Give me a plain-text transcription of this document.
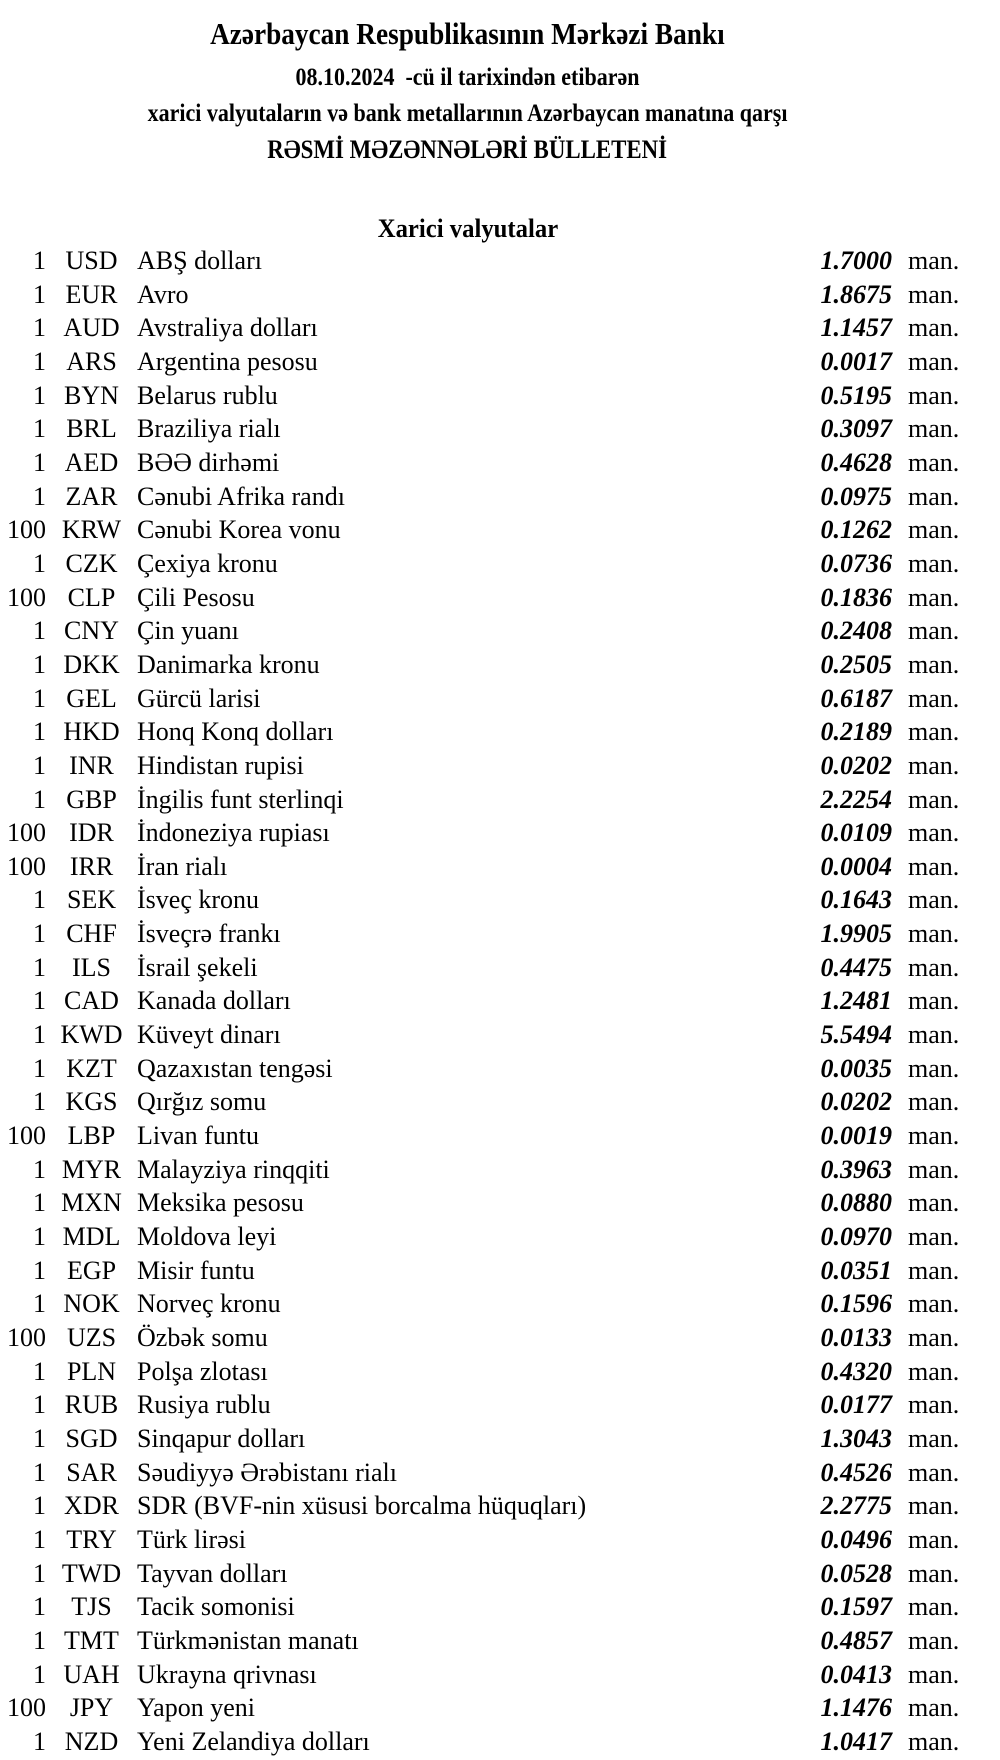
Azərbaycan Respublikasının Mərkəzi Bankı
08.10.2024  -cü il tarixindən etibarən
xarici valyutaların və bank metallarının Azərbaycan manatına qarşı
RƏSMİ MƏZƏNNƏLƏRİ BÜLLETENİ
Xarici valyutalar
1 USD ABŞ dolları	1.7000 man.
1 EUR Avro	1.8675 man.
1 AUD Avstraliya dolları	1.1457 man.
1 ARS Argentina pesosu	0.0017 man.
1 BYN Belarus rublu	0.5195 man.
1 BRL Braziliya rialı	0.3097 man.
1 AED BƏƏ dirhəmi	0.4628 man.
1 ZAR Cənubi Afrika randı	0.0975 man.
100 KRW Cənubi Korea vonu	0.1262 man.
1 CZK Çexiya kronu	0.0736 man.
100 CLP Çili Pesosu	0.1836 man.
1 CNY Çin yuanı	0.2408 man.
1 DKK Danimarka kronu	0.2505 man.
1 GEL Gürcü larisi	0.6187 man.
1 HKD Honq Konq dolları	0.2189 man.
1 INR Hindistan rupisi	0.0202 man.
1 GBP İngilis funt sterlinqi	2.2254 man.
100 IDR İndoneziya rupiası	0.0109 man.
100 IRR İran rialı	0.0004 man.
1 SEK İsveç kronu	0.1643 man.
1 CHF İsveçrə frankı	1.9905 man.
1	ILS	İsrail şekeli	0.4475 man.
1 CAD Kanada dolları	1.2481 man.
1 KWD Küveyt dinarı	5.5494 man.
1 KZT Qazaxıstan tengəsi	0.0035 man.
1 KGS Qırğız somu	0.0202 man.
100 LBP Livan funtu	0.0019 man.
1 MYR Malayziya rinqqiti	0.3963 man.
1 MXN Meksika pesosu	0.0880 man.
1 MDL Moldova leyi	0.0970 man.
1 EGP Misir funtu	0.0351 man.
1 NOK Norveç kronu	0.1596 man.
100 UZS Özbək somu	0.0133 man.
1 PLN Polşa zlotası	0.4320 man.
1 RUB Rusiya rublu	0.0177 man.
1 SGD Sinqapur dolları	1.3043 man.
1 SAR Səudiyyə Ərəbistanı rialı	0.4526 man.
1 XDR SDR (BVF-nin xüsusi borcalma hüquqları)	2.2775 man.
1 TRY Türk lirəsi	0.0496 man.
1 TWD Tayvan dolları	0.0528 man.
1 TJS Tacik somonisi	0.1597 man.
1 TMT Türkmənistan manatı	0.4857 man.
1 UAH Ukrayna qrivnası	0.0413 man.
100 JPY Yapon yeni	1.1476 man.
1 NZD Yeni Zelandiya dolları	1.0417 man.
